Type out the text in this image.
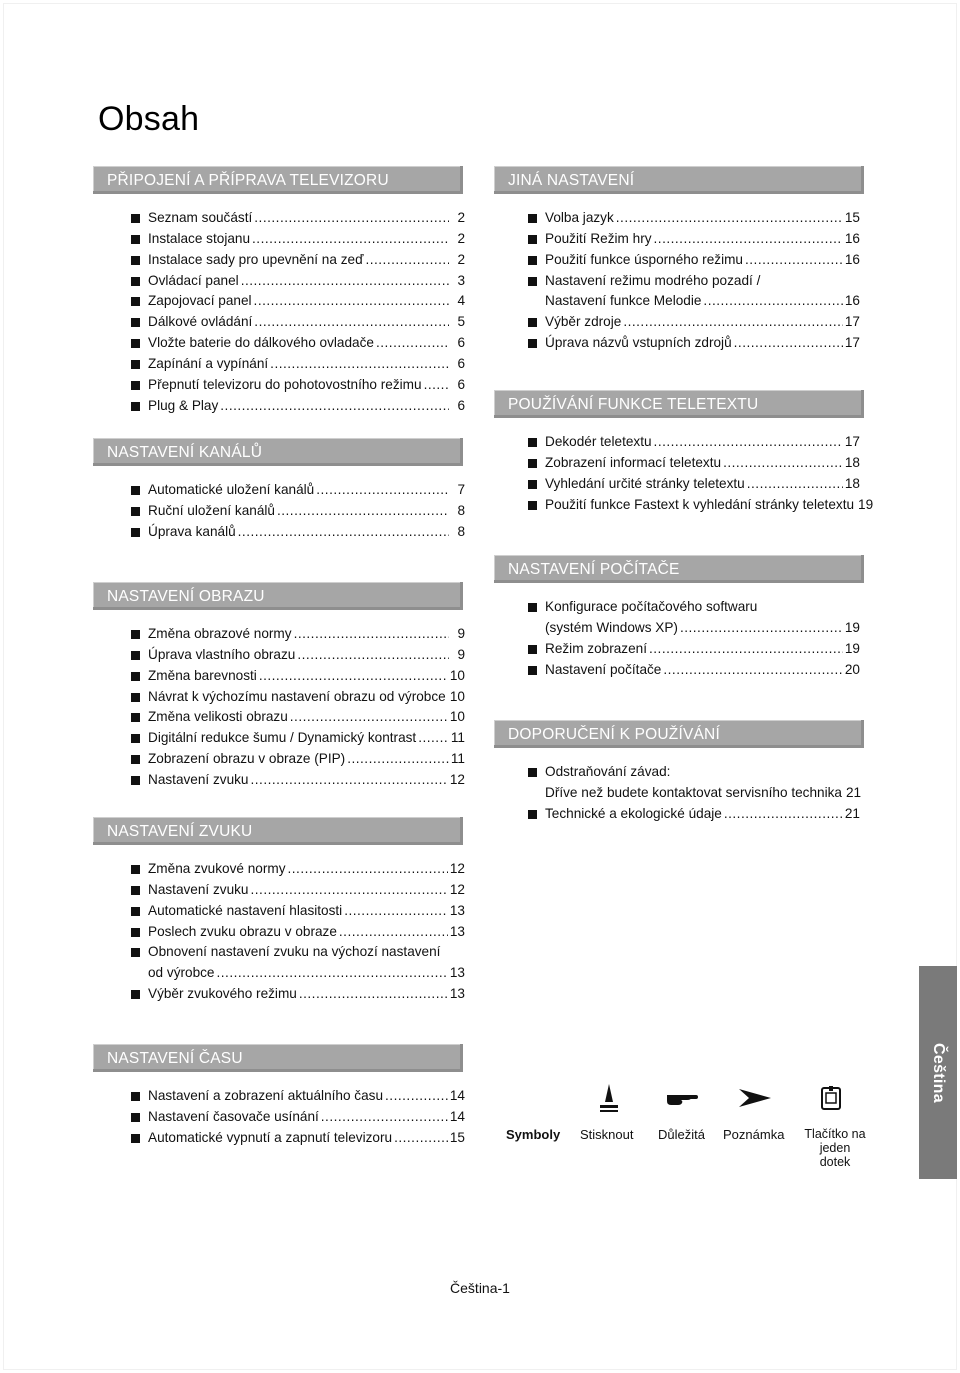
Obsah
PŘIPOJENÍ A PŘÍPRAVA TELEVIZORU
Seznam součástí .....	2
Instalace stojanu .....	2
Instalace sady pro upevnění na zeď .....	2
Ovládací panel .....	3
Zapojovací panel .....	4
Dálkové ovládání .....	5
Vložte baterie do dálkového ovladače .....	6
Zapínání a vypínání .....	6
Přepnutí televizoru do pohotovostního režimu .....	6
Plug & Play .....	6
NASTAVENÍ KANÁLŮ
Automatické uložení kanálů .....	7
Ruční uložení kanálů .....	8
Úprava kanálů .....	8
NASTAVENÍ OBRAZU
Změna obrazové normy .....	9
Úprava vlastního obrazu .....	9
Změna barevnosti .....	10
Návrat k výchozímu nastavení obrazu od výrobce ..... 10
Změna velikosti obrazu .....	10
Digitální redukce šumu / Dynamický kontrast .....	11
Zobrazení obrazu v obraze (PIP) .....	11
Nastavení zvuku .....	12
NASTAVENÍ ZVUKU
Změna zvukové normy .....	12
Nastavení zvuku .....	12
Automatické nastavení hlasitosti .....	13
Poslech zvuku obrazu v obraze .....	13
Obnovení nastavení zvuku na výchozí nastavení
od výrobce .....	13
Výběr zvukového režimu .....	13
NASTAVENÍ ČASU
Nastavení a zobrazení aktuálního času .....	14
Nastavení časovače usínání .....	14
Automatické vypnutí a zapnutí televizoru .....	15
JINÁ NASTAVENÍ
Volba jazyk .....	15
Použití Režim hry .....	16
Použití funkce úsporného režimu .....	16
Nastavení režimu modrého pozadí /
Nastavení funkce Melodie .....	16
Výběr zdroje .....	17
Úprava názvů vstupních zdrojů .....	17
POUŽÍVÁNÍ FUNKCE TELETEXTU
Dekodér teletextu .....	17
Zobrazení informací teletextu .....	18
Vyhledání určité stránky teletextu .....	18
Použití funkce Fastext k vyhledání stránky teletextu 19
NASTAVENÍ POČÍTAČE
Konfigurace počítačového softwaru
(systém Windows XP) .....	19
Režim zobrazení .....	19
Nastavení počítače .....	20
DOPORUČENÍ K POUŽÍVÁNÍ
Odstraňování závad:
Dříve než budete kontaktovat servisního technika 21
Technické a ekologické údaje .....	21
Symboly Stisknout Důležitá Poznámka Tlačítko na
jeden dotek
Čeština
Čeština-1
